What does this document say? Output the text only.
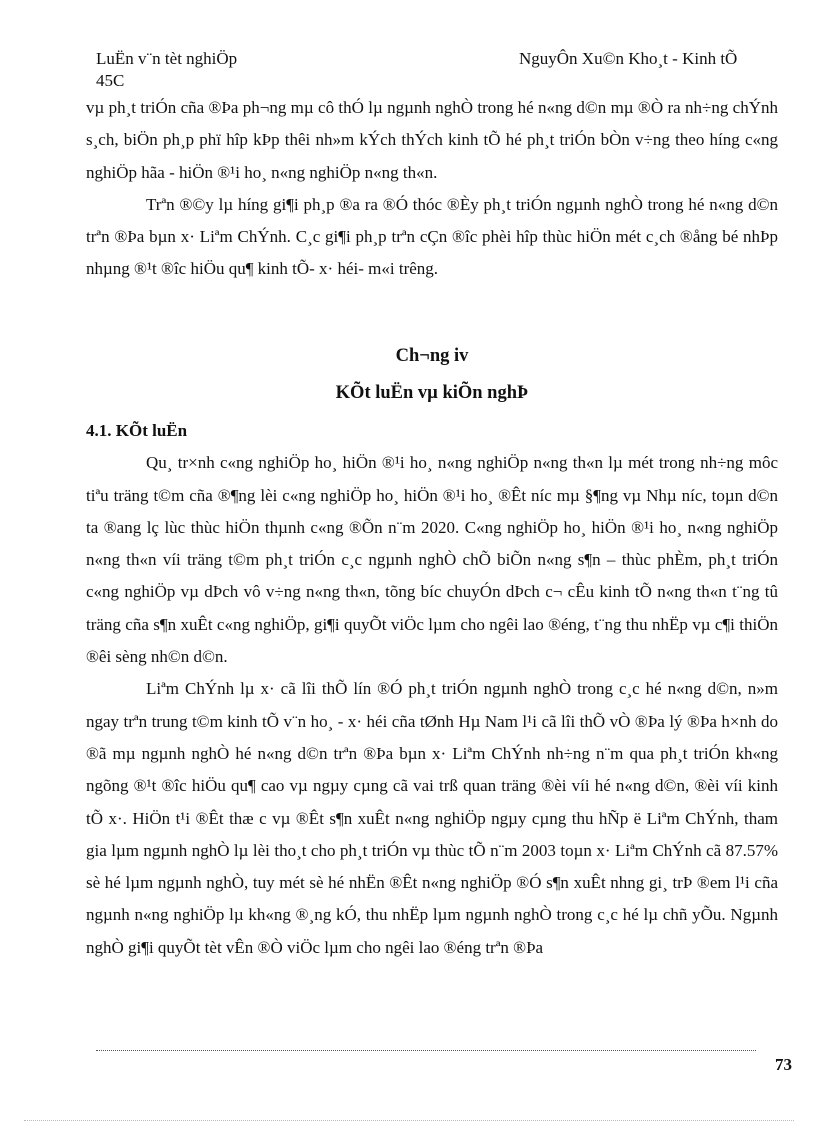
LuËn v¨n tèt nghiÖp
45C
NguyÔn Xu©n Kho¸t - Kinh tÕ

vµ ph¸t triÓn cña ®Þa ph¬ng mµ cô thÓ lµ ngµnh nghÒ trong hé n«ng d©n mµ ®Ò ra nh÷ng chÝnh s¸ch, biÖn ph¸p phï hîp kÞp thêi nh»m kÝch thÝch kinh tÕ hé ph¸t triÓn bÒn v÷ng theo híng c«ng nghiÖp hãa - hiÖn ®¹i ho¸ n«ng nghiÖp n«ng th«n.

Trªn ®©y lµ híng gi¶i ph¸p ®a ra ®Ó thóc ®Èy ph¸t triÓn ngµnh nghÒ trong hé n«ng d©n trªn ®Þa bµn x· Liªm ChÝnh. C¸c gi¶i ph¸p trªn cÇn ®îc phèi hîp thùc hiÖn mét c¸ch ®ång bé nhÞp nhµng ®¹t ®îc hiÖu qu¶ kinh tÕ- x· héi- m«i trêng.

Ch¬ng iv
KÕt luËn vµ kiÕn nghÞ
4.1. KÕt luËn

Qu¸ tr×nh c«ng nghiÖp ho¸ hiÖn ®¹i ho¸ n«ng nghiÖp n«ng th«n lµ mét trong nh÷ng môc tiªu träng t©m cña ®¶ng lèi c«ng nghiÖp ho¸ hiÖn ®¹i ho¸ ®Êt níc mµ §¶ng vµ Nhµ níc, toµn d©n ta ®ang lç lùc thùc hiÖn thµnh c«ng ®Õn n¨m 2020. C«ng nghiÖp ho¸ hiÖn ®¹i ho¸ n«ng nghiÖp n«ng th«n víi träng t©m ph¸t triÓn c¸c ngµnh nghÒ chÕ biÕn n«ng s¶n – thùc phÈm, ph¸t triÓn c«ng nghiÖp vµ dÞch vô v÷ng n«ng th«n, tõng bíc chuyÓn dÞch c¬ cÊu kinh tÕ n«ng th«n t¨ng tû träng cña s¶n xuÊt c«ng nghiÖp, gi¶i quyÕt viÖc lµm cho ngêi lao ®éng, t¨ng thu nhËp vµ c¶i thiÖn ®êi sèng nh©n d©n.

Liªm ChÝnh lµ x· cã lîi thÕ lín ®Ó ph¸t triÓn ngµnh nghÒ trong c¸c hé n«ng d©n, n»m ngay trªn trung t©m kinh tÕ v¨n ho¸ - x· héi cña tØnh Hµ Nam l¹i cã lîi thÕ vÒ ®Þa lý ®Þa h×nh do ®ã mµ ngµnh nghÒ hé n«ng d©n trªn ®Þa bµn x· Liªm ChÝnh nh÷ng n¨m qua ph¸t triÓn kh«ng ngõng ®¹t ®îc hiÖu qu¶ cao vµ ngµy cµng cã vai trß quan träng ®èi víi hé n«ng d©n, ®èi víi kinh tÕ x·. HiÖn t¹i ®Êt thæ c vµ ®Êt s¶n xuÊt n«ng nghiÖp ngµy cµng thu hÑp ë Liªm ChÝnh, tham gia lµm ngµnh nghÒ lµ lèi tho¸t cho ph¸t triÓn vµ thùc tÕ n¨m 2003 toµn x· Liªm ChÝnh cã 87.57% sè hé lµm ngµnh nghÒ, tuy mét sè hé nhËn ®Êt n«ng nghiÖp ®Ó s¶n xuÊt nhng gi¸ trÞ ®em l¹i cña ngµnh n«ng nghiÖp lµ kh«ng ®¸ng kÓ, thu nhËp lµm ngµnh nghÒ trong c¸c hé lµ chñ yÕu. Ngµnh nghÒ gi¶i quyÕt tèt vÊn ®Ò viÖc lµm cho ngêi lao ®éng trªn ®Þa

73
